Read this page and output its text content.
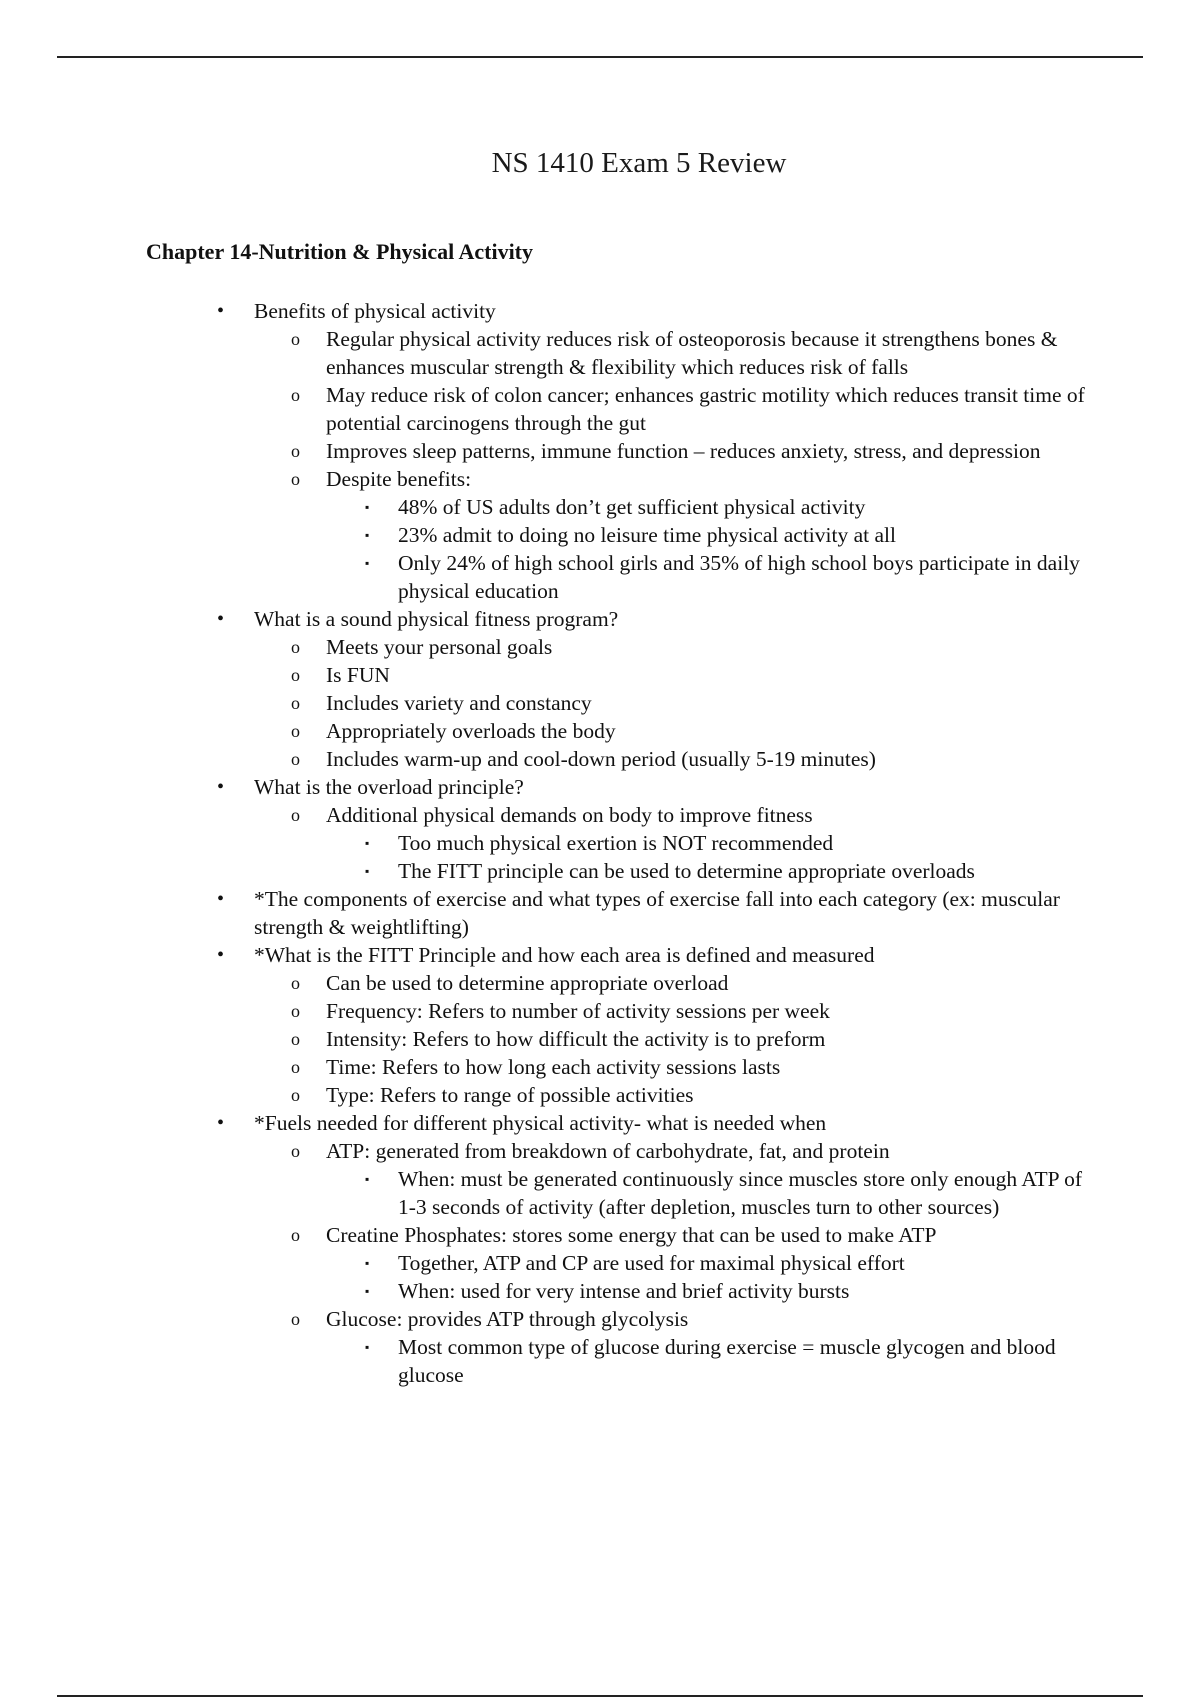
NS 1410 Exam 5 Review
Chapter 14-Nutrition & Physical Activity
• Benefits of physical activity
o Regular physical activity reduces risk of osteoporosis because it strengthens bones & enhances muscular strength & flexibility which reduces risk of falls
o May reduce risk of colon cancer; enhances gastric motility which reduces transit time of potential carcinogens through the gut
o Improves sleep patterns, immune function – reduces anxiety, stress, and depression
o Despite benefits:
▪ 48% of US adults don’t get sufficient physical activity
▪ 23% admit to doing no leisure time physical activity at all
▪ Only 24% of high school girls and 35% of high school boys participate in daily physical education
• What is a sound physical fitness program?
o Meets your personal goals
o Is FUN
o Includes variety and constancy
o Appropriately overloads the body
o Includes warm-up and cool-down period (usually 5-19 minutes)
• What is the overload principle?
o Additional physical demands on body to improve fitness
▪ Too much physical exertion is NOT recommended
▪ The FITT principle can be used to determine appropriate overloads
• *The components of exercise and what types of exercise fall into each category (ex: muscular strength & weightlifting)
• *What is the FITT Principle and how each area is defined and measured
o Can be used to determine appropriate overload
o Frequency: Refers to number of activity sessions per week
o Intensity: Refers to how difficult the activity is to preform
o Time: Refers to how long each activity sessions lasts
o Type: Refers to range of possible activities
• *Fuels needed for different physical activity- what is needed when
o ATP: generated from breakdown of carbohydrate, fat, and protein
▪ When: must be generated continuously since muscles store only enough ATP of 1-3 seconds of activity (after depletion, muscles turn to other sources)
o Creatine Phosphates: stores some energy that can be used to make ATP
▪ Together, ATP and CP are used for maximal physical effort
▪ When: used for very intense and brief activity bursts
o Glucose: provides ATP through glycolysis
▪ Most common type of glucose during exercise = muscle glycogen and blood glucose
